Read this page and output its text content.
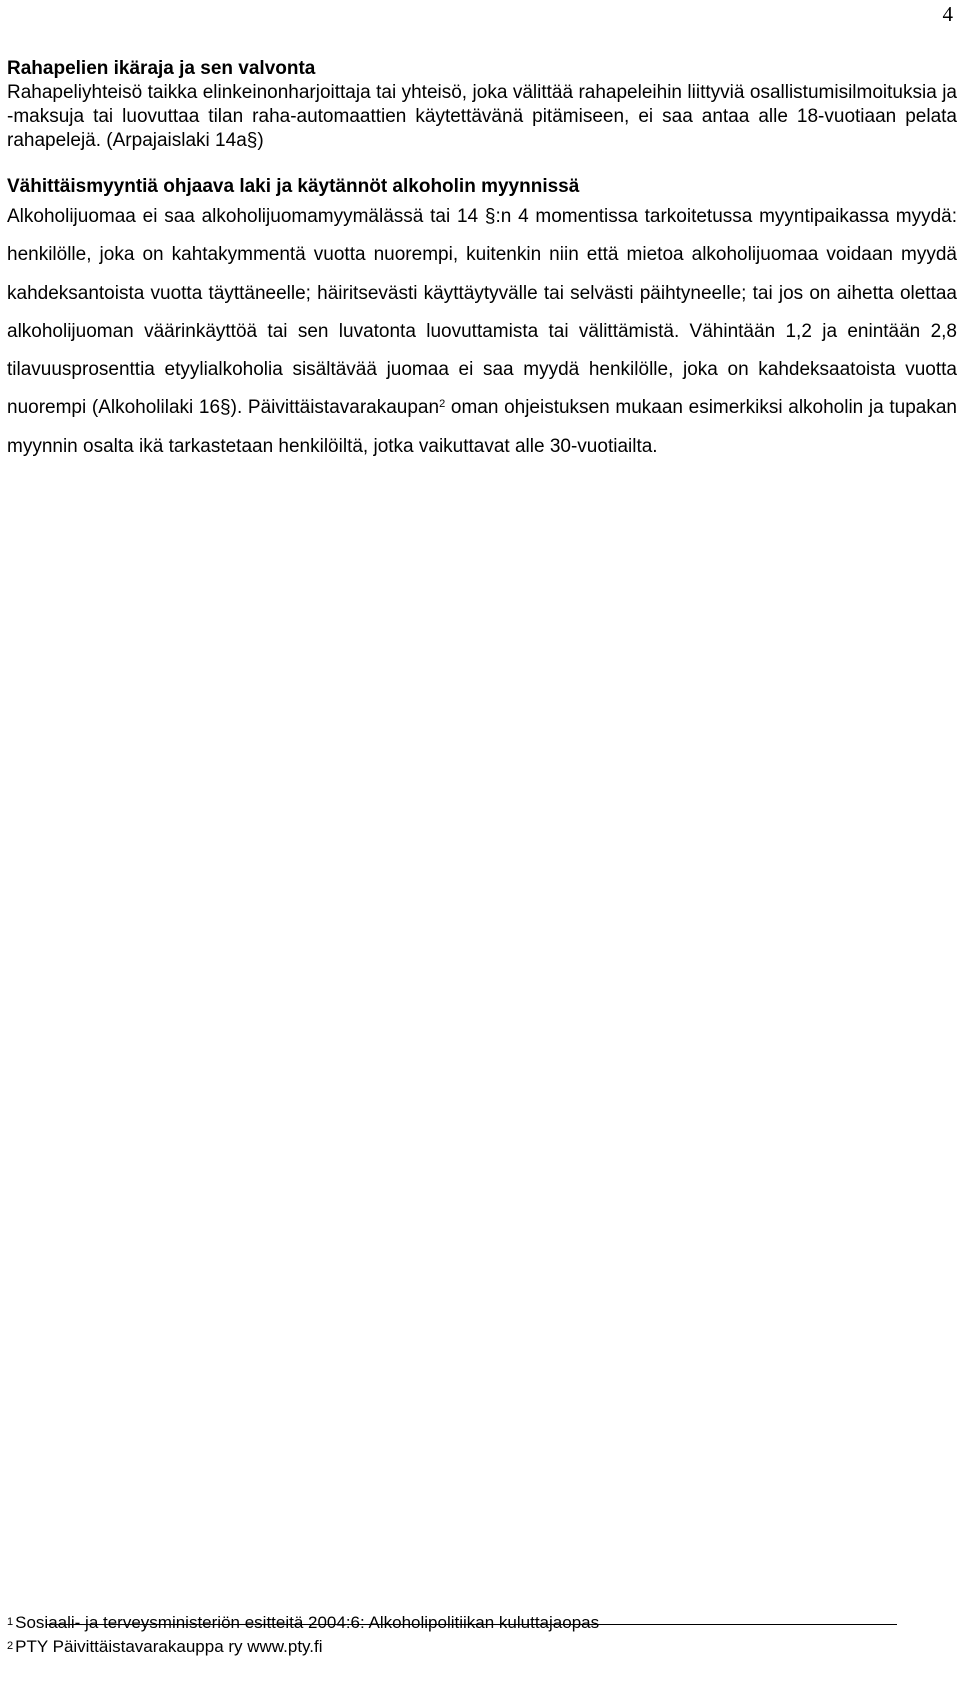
4

Rahapelien ikäraja ja sen valvonta

Rahapeliyhteisö taikka elinkeinonharjoittaja tai yhteisö, joka välittää rahapeleihin liittyviä osallistumisilmoituksia ja -maksuja tai luovuttaa tilan raha-automaattien käytettävänä pitämiseen, ei saa antaa alle 18-vuotiaan pelata rahapelejä. (Arpajaislaki 14a§)

Vähittäismyyntiä ohjaava laki ja käytännöt alkoholin myynnissä

Alkoholijuomaa ei saa alkoholijuomamyymälässä tai 14 §:n 4 momentissa tarkoitetussa myyntipaikassa myydä: henkilölle, joka on kahtakymmentä vuotta nuorempi, kuitenkin niin että mietoa alkoholijuomaa voidaan myydä kahdeksantoista vuotta täyttäneelle; häiritsevästi käyttäytyvälle tai selvästi päihtyneelle; tai jos on aihetta olettaa alkoholijuoman väärinkäyttöä tai sen luvatonta luovuttamista tai välittämistä. Vähintään 1,2 ja enintään 2,8 tilavuusprosenttia etyylialkoholia sisältävää juomaa ei saa myydä henkilölle, joka on kahdeksaatoista vuotta nuorempi (Alkoholilaki 16§). Päivittäistavarakaupan$^2$ oman ohjeistuksen mukaan esimerkiksi alkoholin ja tupakan myynnin osalta ikä tarkastetaan henkilöiltä, jotka vaikuttavat alle 30-vuotiailta.

$^1$ Sosiaali- ja terveysministeriön esitteitä 2004:6: Alkoholipolitiikan kuluttajaopas
$^2$ PTY Päivittäistavarakauppa ry www.pty.fi
